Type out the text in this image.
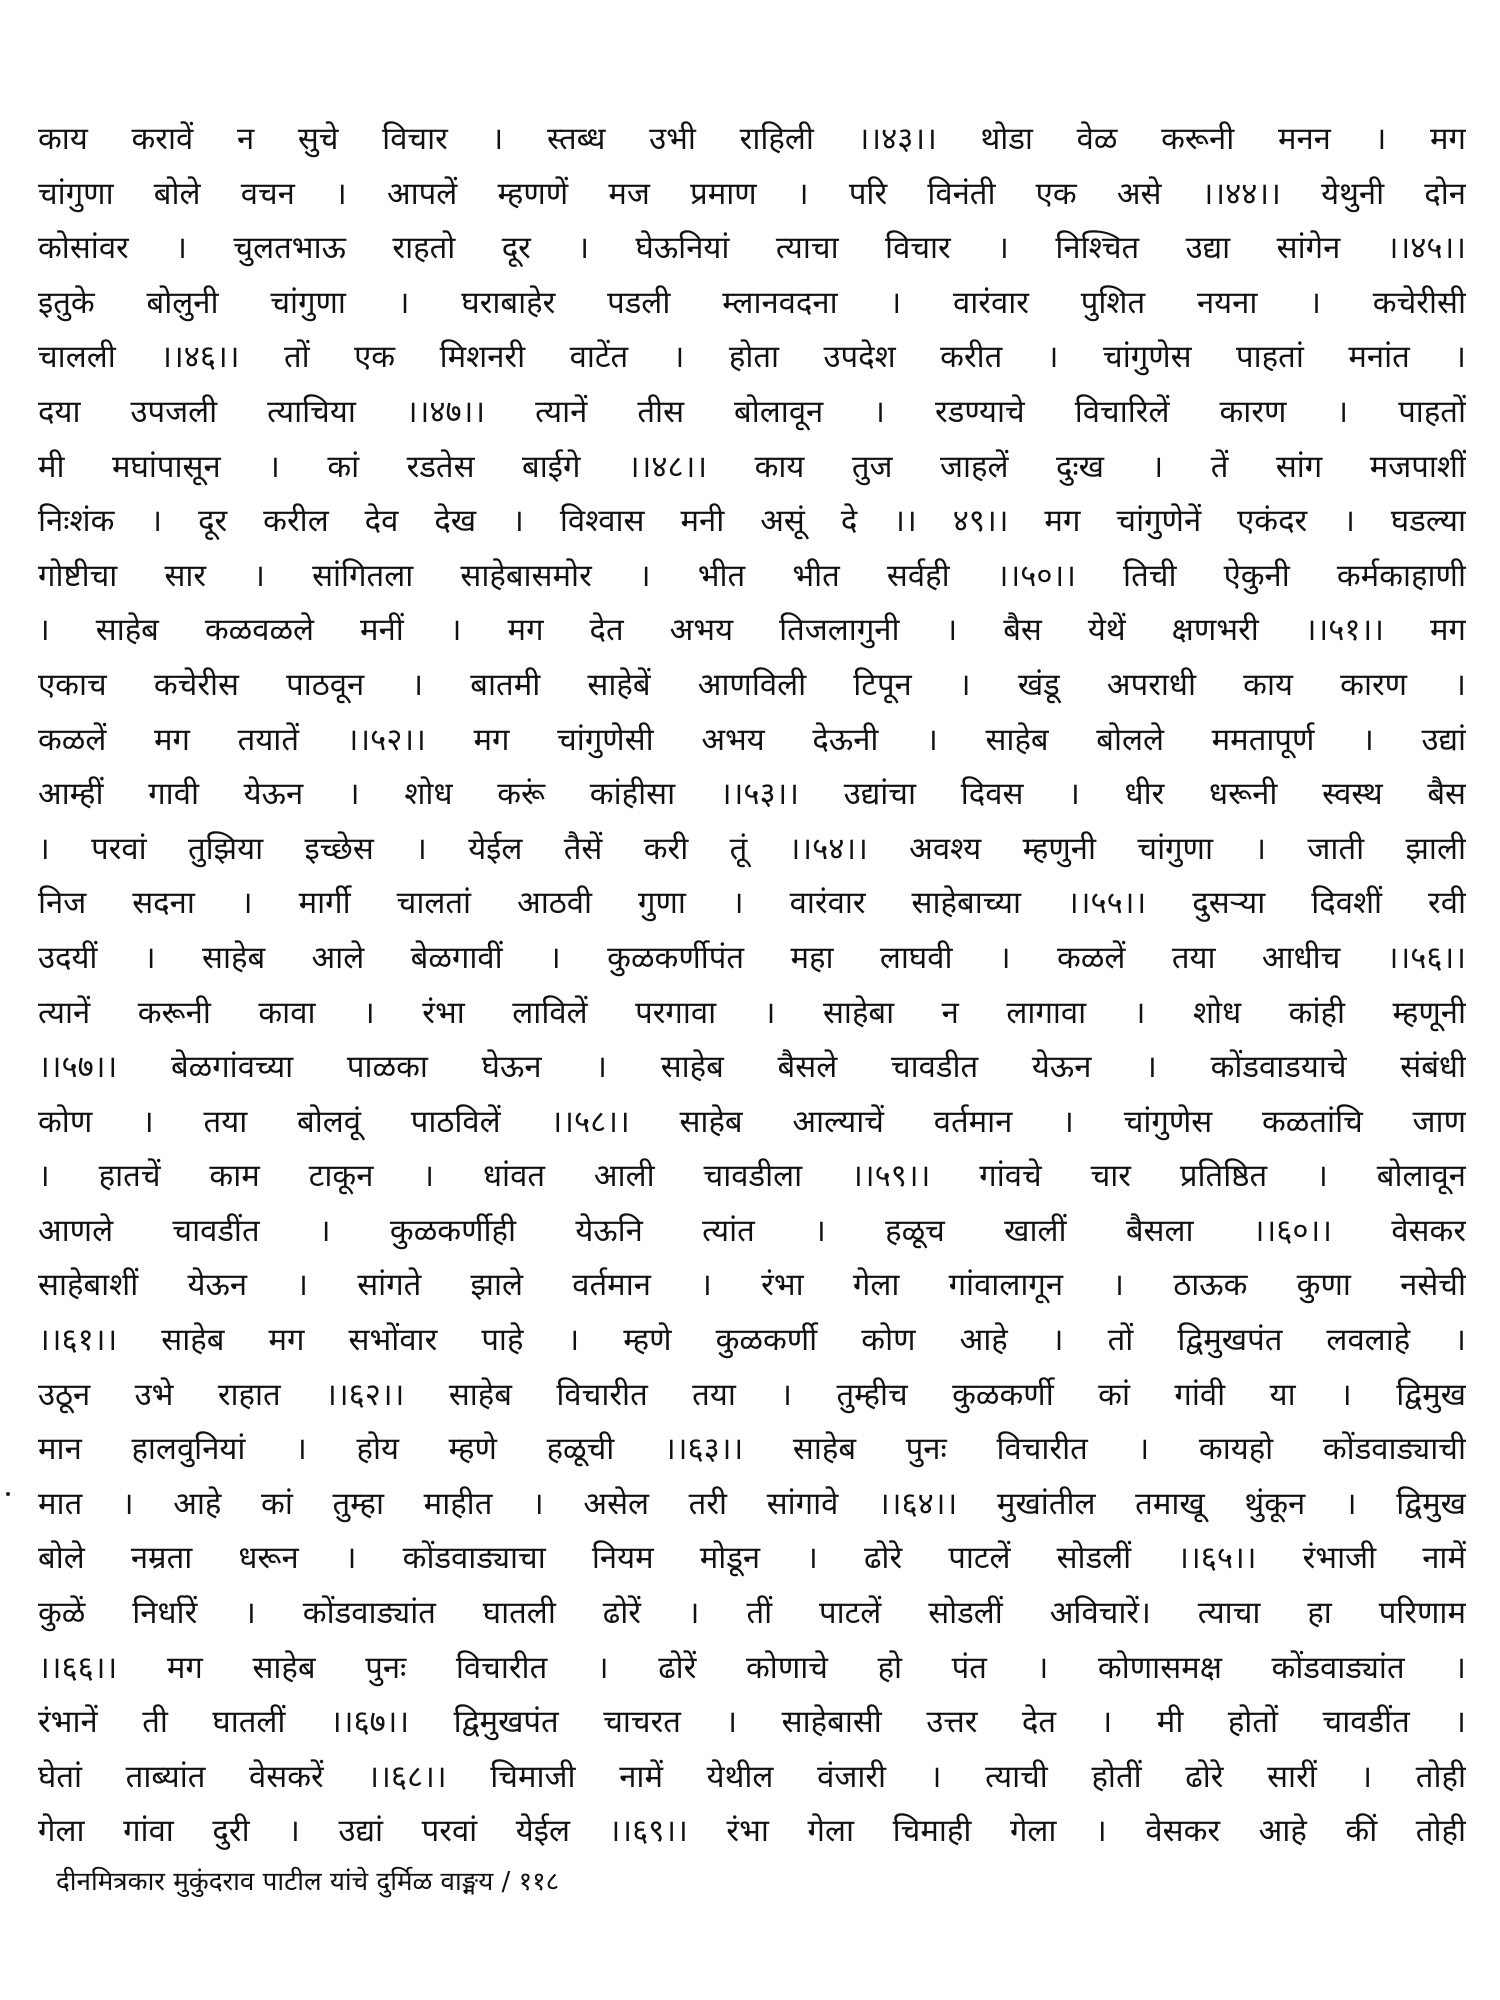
काय करावें न सुचे विचार । स्तब्ध उभी राहिली ।।४३।। थोडा वेळ करूनी मनन । मग
चांगुणा बोले वचन । आपलें म्हणणें मज प्रमाण । परि विनंती एक असे ।।४४।। येथुनी दोन
कोसांवर । चुलतभाऊ राहतो दूर । घेऊनियां त्याचा विचार । निश्चित उद्या सांगेन ।।४५।।
इतुके बोलुनी चांगुणा । घराबाहेर पडली म्लानवदना । वारंवार पुशित नयना । कचेरीसी
चालली ।।४६।। तों एक मिशनरी वाटेंत । होता उपदेश करीत । चांगुणेस पाहतां मनांत ।
दया उपजली त्याचिया ।।४७।। त्यानें तीस बोलावून । रडण्याचे विचारिलें कारण । पाहतों
मी मघांपासून । कां रडतेस बाईगे ।।४८।। काय तुज जाहलें दुःख । तें सांग मजपाशीं
निःशंक । दूर करील देव देख । विश्वास मनी असूं दे ।। ४९।। मग चांगुणेनें एकंदर । घडल्या
गोष्टीचा सार । सांगितला साहेबासमोर । भीत भीत सर्वही ।।५०।। तिची ऐकुनी कर्मकाहाणी
। साहेब कळवळले मनीं । मग देत अभय तिजलागुनी । बैस येथें क्षणभरी ।।५१।। मग
एकाच कचेरीस पाठवून । बातमी साहेबें आणविली टिपून । खंडू अपराधी काय कारण ।
कळलें मग तयातें ।।५२।। मग चांगुणेसी अभय देऊनी । साहेब बोलले ममतापूर्ण । उद्यां
आम्हीं गावी येऊन । शोध करूं कांहीसा ।।५३।। उद्यांचा दिवस । धीर धरूनी स्वस्थ बैस
। परवां तुझिया इच्छेस । येईल तैसें करी तूं ।।५४।। अवश्य म्हणुनी चांगुणा । जाती झाली
निज सदना । मार्गी चालतां आठवी गुणा । वारंवार साहेबाच्या ।।५५।। दुसऱ्या दिवशीं रवी
उदयीं । साहेब आले बेळगावीं । कुळकर्णीपंत महा लाघवी । कळलें तया आधीच ।।५६।।
त्यानें करूनी कावा । रंभा लाविलें परगावा । साहेबा न लागावा । शोध कांही म्हणूनी
।।५७।। बेळगांवच्या पाळका घेऊन । साहेब बैसले चावडीत येऊन । कोंडवाडयाचे संबंधी
कोण । तया बोलवूं पाठविलें ।।५८।। साहेब आल्याचें वर्तमान । चांगुणेस कळतांचि जाण
। हातचें काम टाकून । धांवत आली चावडीला ।।५९।। गांवचे चार प्रतिष्ठित । बोलावून
आणले चावडींत । कुळकर्णीही येऊनि त्यांत । हळूच खालीं बैसला ।।६०।। वेसकर
साहेबाशीं येऊन । सांगते झाले वर्तमान । रंभा गेला गांवालागून । ठाऊक कुणा नसेची
।।६१।। साहेब मग सभोंवार पाहे । म्हणे कुळकर्णी कोण आहे । तों द्विमुखपंत लवलाहे ।
उठून उभे राहात ।।६२।। साहेब विचारीत तया । तुम्हीच कुळकर्णी कां गांवी या । द्विमुख
मान हालवुनियां । होय म्हणे हळूची ।।६३।। साहेब पुनः विचारीत । कायहो कोंडवाड्याची
मात । आहे कां तुम्हा माहीत । असेल तरी सांगावे ।।६४।। मुखांतील तमाखू थुंकून । द्विमुख
बोले नम्रता धरून । कोंडवाड्याचा नियम मोडून । ढोरे पाटलें सोडलीं ।।६५।। रंभाजी नामें
कुळें निर्धारें । कोंडवाड्यांत घातली ढोरें । तीं पाटलें सोडलीं अविचारें। त्याचा हा परिणाम
।।६६।। मग साहेब पुनः विचारीत । ढोरें कोणाचे हो पंत । कोणासमक्ष कोंडवाड्यांत ।
रंभानें ती घातलीं ।।६७।। द्विमुखपंत चाचरत । साहेबासी उत्तर देत । मी होतों चावडींत ।
घेतां ताब्यांत वेसकरें ।।६८।। चिमाजी नामें येथील वंजारी । त्याची होतीं ढोरे सारीं । तोही
गेला गांवा दुरी । उद्यां परवां येईल ।।६९।। रंभा गेला चिमाही गेला । वेसकर आहे कीं तोही
दीनमित्रकार मुकुंदराव पाटील यांचे दुर्मिळ वाङ्मय / ११८
